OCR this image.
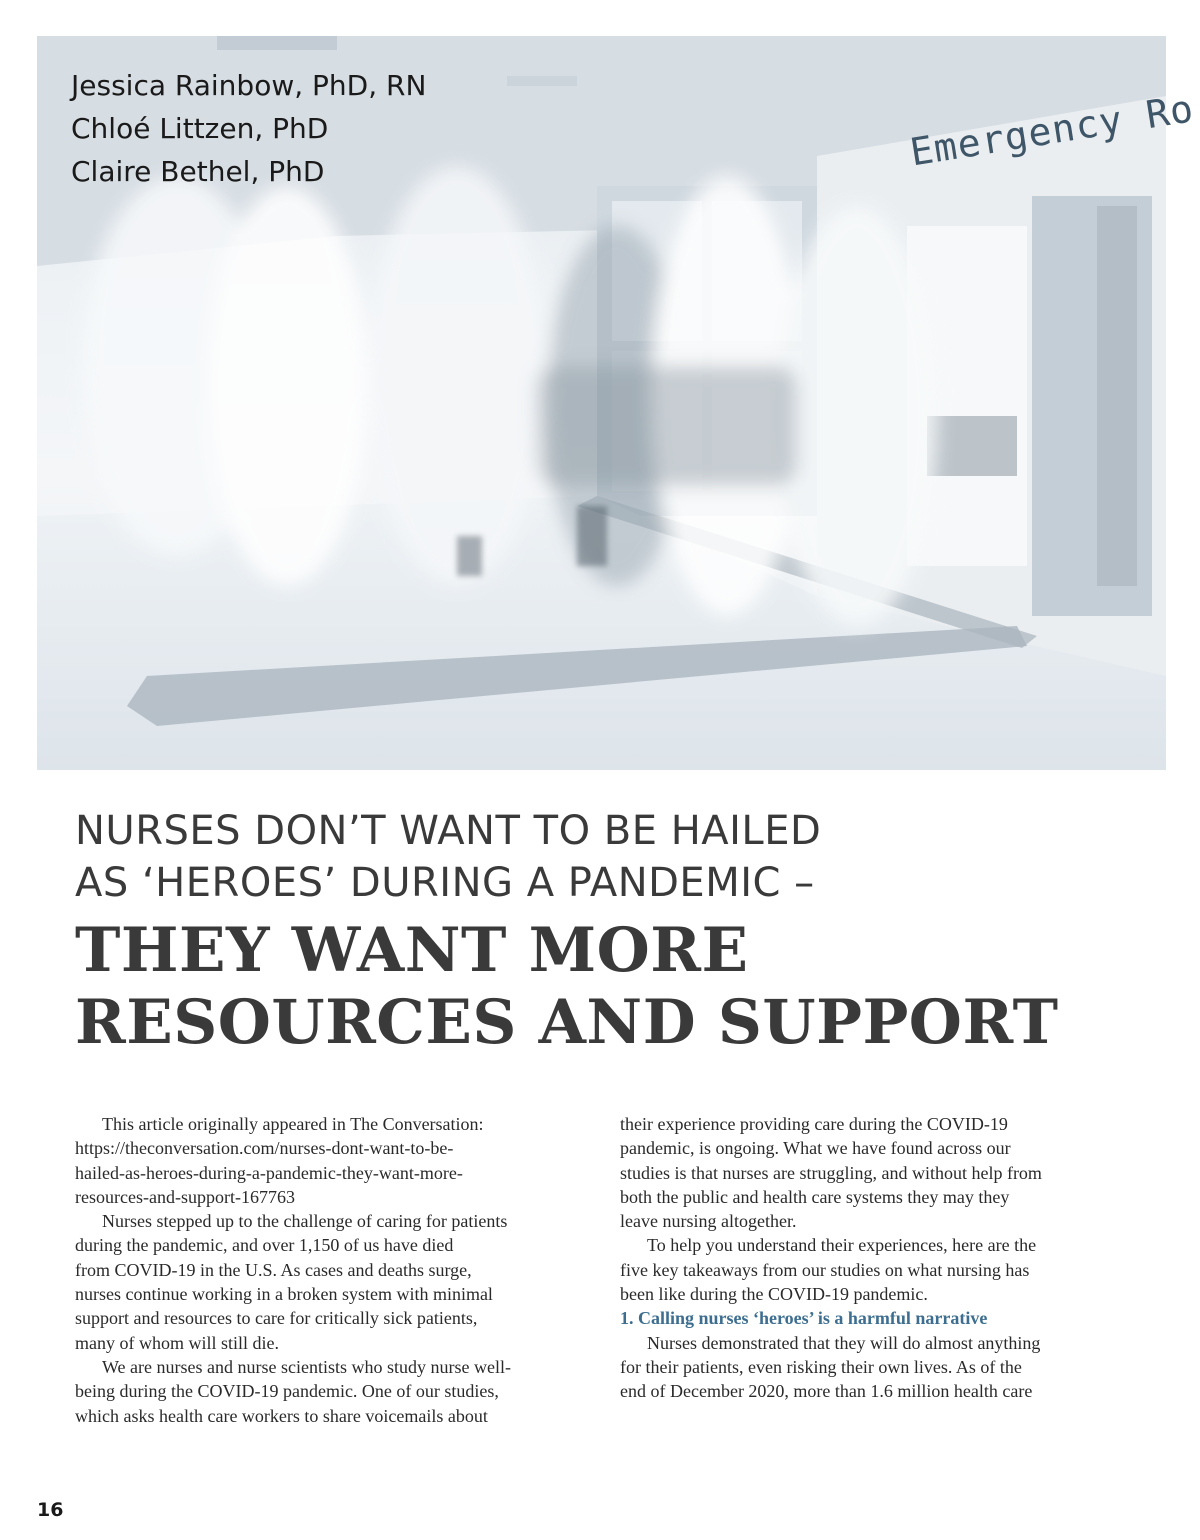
Emergency Ro
Jessica Rainbow, PhD, RN
Chloé Littzen, PhD
Claire Bethel, PhD
NURSES DON’T WANT TO BE HAILED
AS ‘HEROES’ DURING A PANDEMIC –
THEY WANT MORE
RESOURCES AND SUPPORT

This article originally appeared in The Conversation:
https://theconversation.com/nurses-dont-want-to-be-
hailed-as-heroes-during-a-pandemic-they-want-more-
resources-and-support-167763

Nurses stepped up to the challenge of caring for patients
during the pandemic, and over 1,150 of us have died
from COVID-19 in the U.S. As cases and deaths surge,
nurses continue working in a broken system with minimal
support and resources to care for critically sick patients,
many of whom will still die.

We are nurses and nurse scientists who study nurse well-
being during the COVID-19 pandemic. One of our studies,
which asks health care workers to share voicemails about

their experience providing care during the COVID-19
pandemic, is ongoing. What we have found across our
studies is that nurses are struggling, and without help from
both the public and health care systems they may they
leave nursing altogether.

To help you understand their experiences, here are the
five key takeaways from our studies on what nursing has
been like during the COVID-19 pandemic.

1. Calling nurses ‘heroes’ is a harmful narrative

Nurses demonstrated that they will do almost anything
for their patients, even risking their own lives. As of the
end of December 2020, more than 1.6 million health care

16
